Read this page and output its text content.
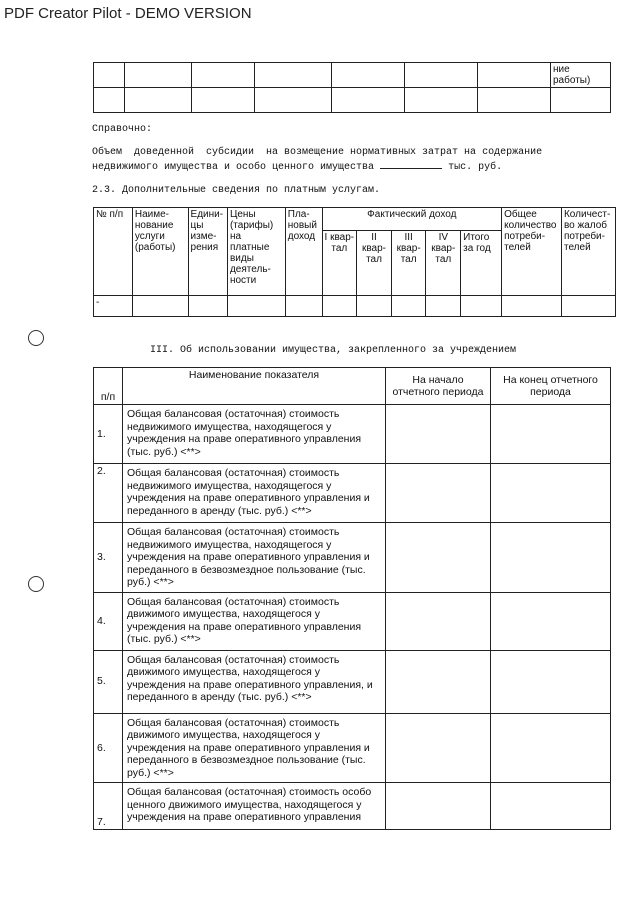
PDF Creator Pilot - DEMO VERSION
							ние работы)

Справочно:
Объем  доведенной  субсидии  на возмещение нормативных затрат на содержание
недвижимого имущества и особо ценного имущества	тыс. руб.
2.3. Дополнительные сведения по платным услугам.
№ п/п	Наименование услуги (работы)	Единицы измерения	Цены (тарифы) на платные виды деятельности	Плановый доход	Фактический доход					Общее количество потребителей	Количество жалоб потребителей
					I квартал	II квартал	III квартал	IV квартал	Итого за год		
-											
III. Об использовании имущества, закрепленного за учреждением
п/п	Наименование показателя	На начало отчетного периода	На конец отчетного периода
1.	Общая балансовая (остаточная) стоимость недвижимого имущества, находящегося у учреждения на праве оперативного управления (тыс. руб.) <**>		
2.	Общая балансовая (остаточная) стоимость недвижимого имущества, находящегося у учреждения на праве оперативного управления и переданного в аренду (тыс. руб.) <**>		
3.	Общая балансовая (остаточная) стоимость недвижимого имущества, находящегося у учреждения на праве оперативного управления и переданного в безвозмездное пользование (тыс. руб.) <**>		
4.	Общая балансовая (остаточная) стоимость движимого имущества, находящегося у учреждения на праве оперативного управления (тыс. руб.) <**>		
5.	Общая балансовая (остаточная) стоимость движимого имущества, находящегося у учреждения на праве оперативного управления, и переданного в аренду (тыс. руб.) <**>		
6.	Общая балансовая (остаточная) стоимость движимого имущества, находящегося у учреждения на праве оперативного управления и переданного в безвозмездное пользование (тыс. руб.) <**>		
7.	Общая балансовая (остаточная) стоимость особо ценного движимого имущества, находящегося у учреждения на праве оперативного управления		
